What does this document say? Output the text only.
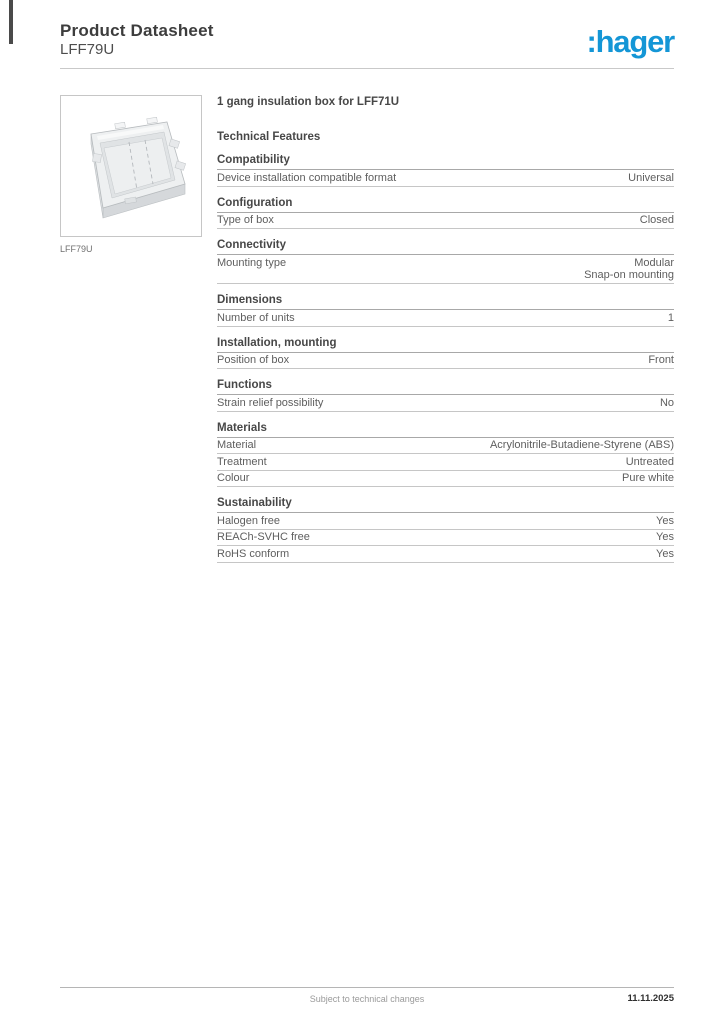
Product Datasheet
LFF79U	:hager
LFF79U
1 gang insulation box for LFF71U
Technical Features
Compatibility
Device installation compatible format	Universal
Configuration
Type of box	Closed
Connectivity
Mounting type	Modular
Snap-on mounting
Dimensions
Number of units	1
Installation, mounting
Position of box	Front
Functions
Strain relief possibility	No
Materials
Material	Acrylonitrile-Butadiene-Styrene (ABS)
Treatment	Untreated
Colour	Pure white
Sustainability
Halogen free	Yes
REACh-SVHC free	Yes
RoHS conform	Yes
Subject to technical changes	11.11.2025
